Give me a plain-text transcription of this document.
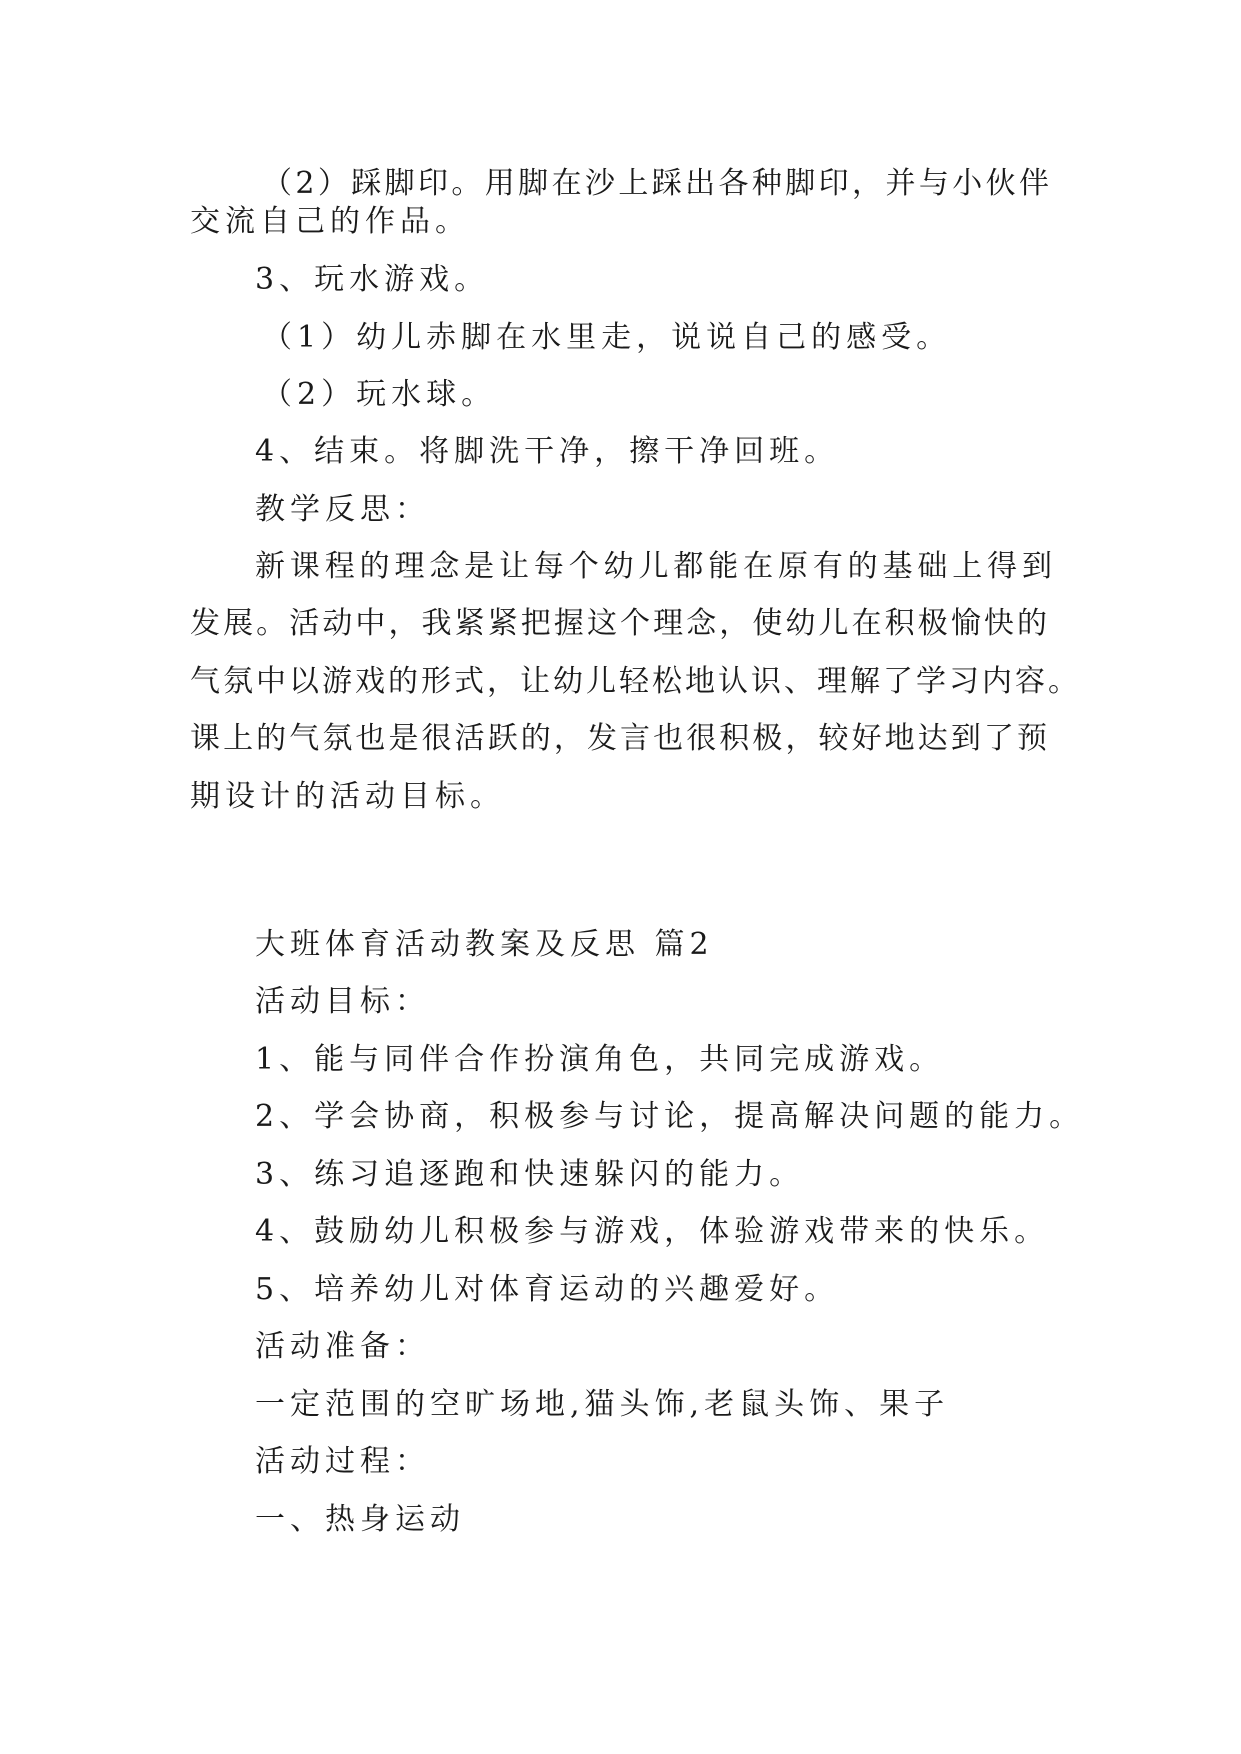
（2）踩脚印。用脚在沙上踩出各种脚印，并与小伙伴

交流自己的作品。

3、玩水游戏。

（1）幼儿赤脚在水里走，说说自己的感受。

（2）玩水球。

4、结束。将脚洗干净，擦干净回班。

教学反思：

新课程的理念是让每个幼儿都能在原有的基础上得到

发展。活动中，我紧紧把握这个理念，使幼儿在积极愉快的

气氛中以游戏的形式，让幼儿轻松地认识、理解了学习内容。

课上的气氛也是很活跃的，发言也很积极，较好地达到了预

期设计的活动目标。

大班体育活动教案及反思 篇2

活动目标：

1、能与同伴合作扮演角色，共同完成游戏。

2、学会协商，积极参与讨论，提高解决问题的能力。

3、练习追逐跑和快速躲闪的能力。

4、鼓励幼儿积极参与游戏，体验游戏带来的快乐。

5、培养幼儿对体育运动的兴趣爱好。

活动准备：

一定范围的空旷场地,猫头饰,老鼠头饰、果子

活动过程：

一、热身运动
